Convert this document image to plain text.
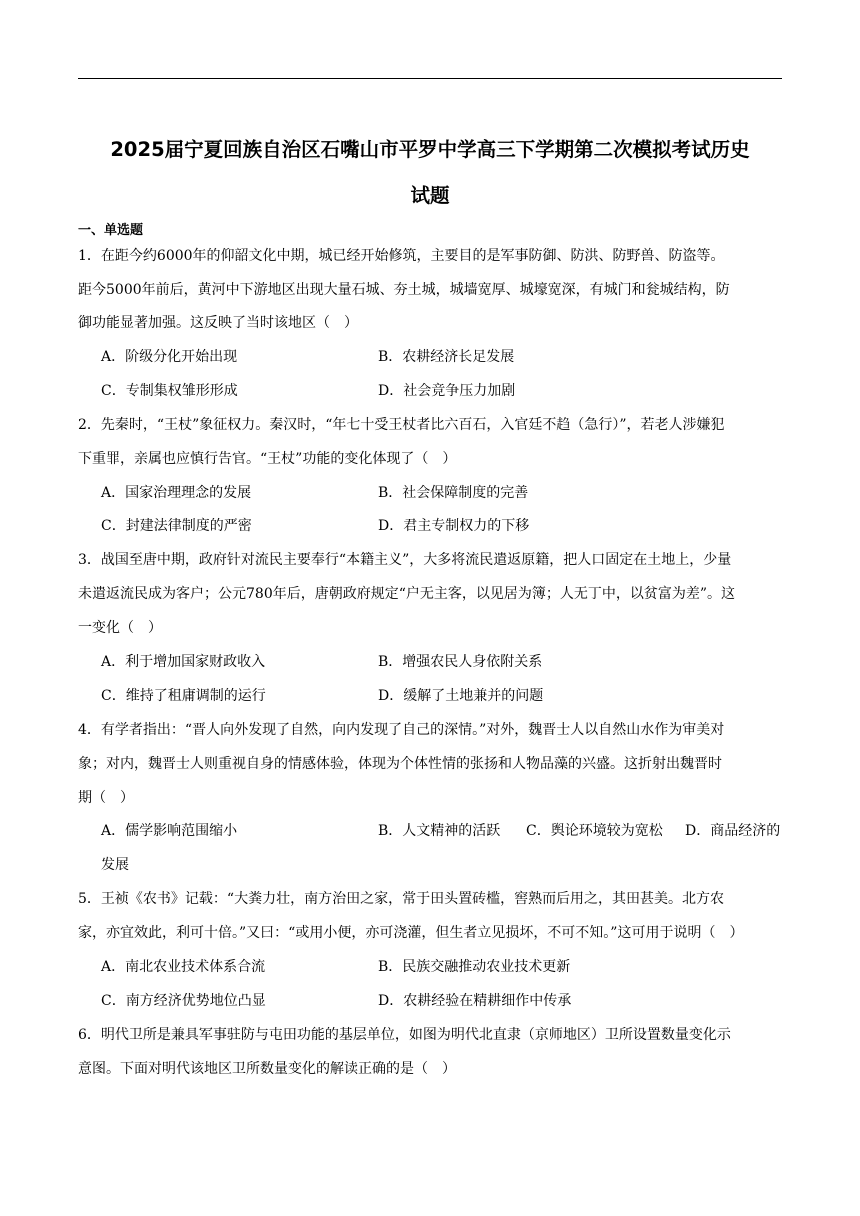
2025届宁夏回族自治区石嘴山市平罗中学高三下学期第二次模拟考试历史
试题
一、单选题
1．在距今约6000年的仰韶文化中期，城已经开始修筑，主要目的是军事防御、防洪、防野兽、防盗等。
距今5000年前后，黄河中下游地区出现大量石城、夯土城，城墙宽厚、城壕宽深，有城门和瓮城结构，防
御功能显著加强。这反映了当时该地区（　）
A．阶级分化开始出现	B．农耕经济长足发展
C．专制集权雏形形成	D．社会竞争压力加剧
2．先秦时，“王杖”象征权力。秦汉时，“年七十受王杖者比六百石，入官廷不趋（急行）”，若老人涉嫌犯
下重罪，亲属也应慎行告官。“王杖”功能的变化体现了（　）
A．国家治理理念的发展	B．社会保障制度的完善
C．封建法律制度的严密	D．君主专制权力的下移
3．战国至唐中期，政府针对流民主要奉行“本籍主义”，大多将流民遣返原籍，把人口固定在土地上，少量
未遣返流民成为客户；公元780年后，唐朝政府规定“户无主客，以见居为簿；人无丁中，以贫富为差”。这
一变化（　）
A．利于增加国家财政收入	B．增强农民人身依附关系
C．维持了租庸调制的运行	D．缓解了土地兼并的问题
4．有学者指出：“晋人向外发现了自然，向内发现了自己的深情。”对外，魏晋士人以自然山水作为审美对
象；对内，魏晋士人则重视自身的情感体验，体现为个体性情的张扬和人物品藻的兴盛。这折射出魏晋时
期（　）
A．儒学影响范围缩小	B．人文精神的活跃 C．舆论环境较为宽松 D．商品经济的
发展
5．王祯《农书》记载：“大粪力壮，南方治田之家，常于田头置砖槛，窖熟而后用之，其田甚美。北方农
家，亦宜效此，利可十倍。”又曰：“或用小便，亦可浇灌，但生者立见损坏，不可不知。”这可用于说明（　）
A．南北农业技术体系合流	B．民族交融推动农业技术更新
C．南方经济优势地位凸显	D．农耕经验在精耕细作中传承
6．明代卫所是兼具军事驻防与屯田功能的基层单位，如图为明代北直隶（京师地区）卫所设置数量变化示
意图。下面对明代该地区卫所数量变化的解读正确的是（　）
